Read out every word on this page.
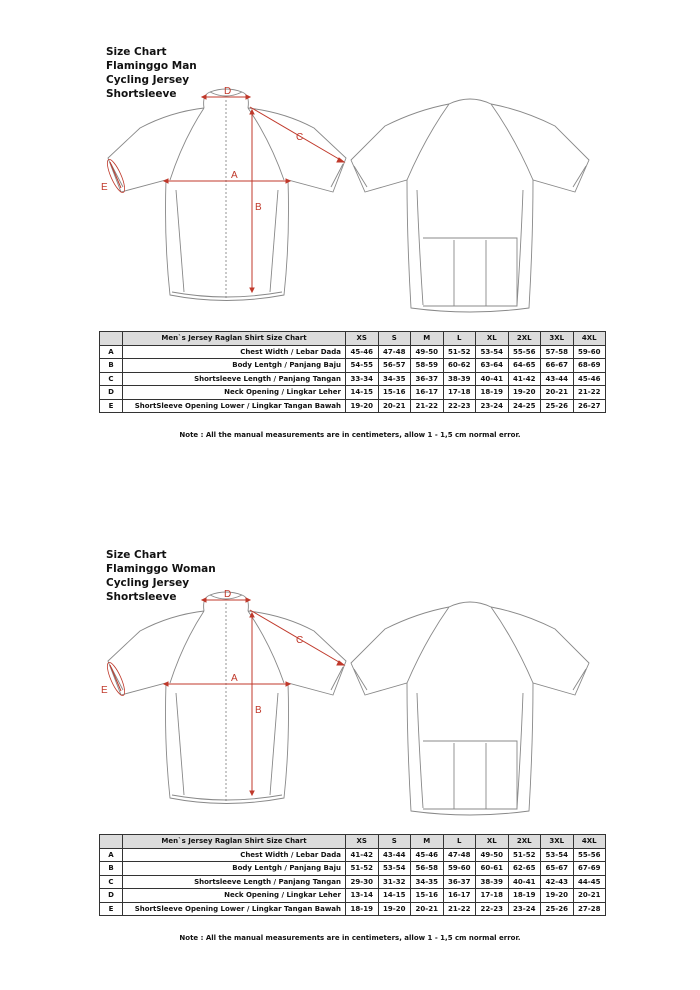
Size Chart
Flaminggo Man
Cycling Jersey
Shortsleeve	D
A
B
C
E
	Men`s Jersey Raglan Shirt Size Chart	XS	S	M	L	XL	2XL	3XL	4XL
A	Chest Width / Lebar Dada	45-46	47-48	49-50	51-52	53-54	55-56	57-58	59-60
B	Body Lentgh / Panjang Baju	54-55	56-57	58-59	60-62	63-64	64-65	66-67	68-69
C	Shortsleeve Length / Panjang Tangan	33-34	34-35	36-37	38-39	40-41	41-42	43-44	45-46
D	Neck Opening / Lingkar Leher	14-15	15-16	16-17	17-18	18-19	19-20	20-21	21-22
E	ShortSleeve Opening Lower / Lingkar Tangan Bawah	19-20	20-21	21-22	22-23	23-24	24-25	25-26	26-27
Note : All the manual measurements are in centimeters, allow 1 - 1,5 cm normal error.
Size Chart
Flaminggo Woman
Cycling Jersey
Shortsleeve	D
A
B
C
E
	Men`s Jersey Raglan Shirt Size Chart	XS	S	M	L	XL	2XL	3XL	4XL
A	Chest Width / Lebar Dada	41-42	43-44	45-46	47-48	49-50	51-52	53-54	55-56
B	Body Lentgh / Panjang Baju	51-52	53-54	56-58	59-60	60-61	62-65	65-67	67-69
C	Shortsleeve Length / Panjang Tangan	29-30	31-32	34-35	36-37	38-39	40-41	42-43	44-45
D	Neck Opening / Lingkar Leher	13-14	14-15	15-16	16-17	17-18	18-19	19-20	20-21
E	ShortSleeve Opening Lower / Lingkar Tangan Bawah	18-19	19-20	20-21	21-22	22-23	23-24	25-26	27-28
Note : All the manual measurements are in centimeters, allow 1 - 1,5 cm normal error.
